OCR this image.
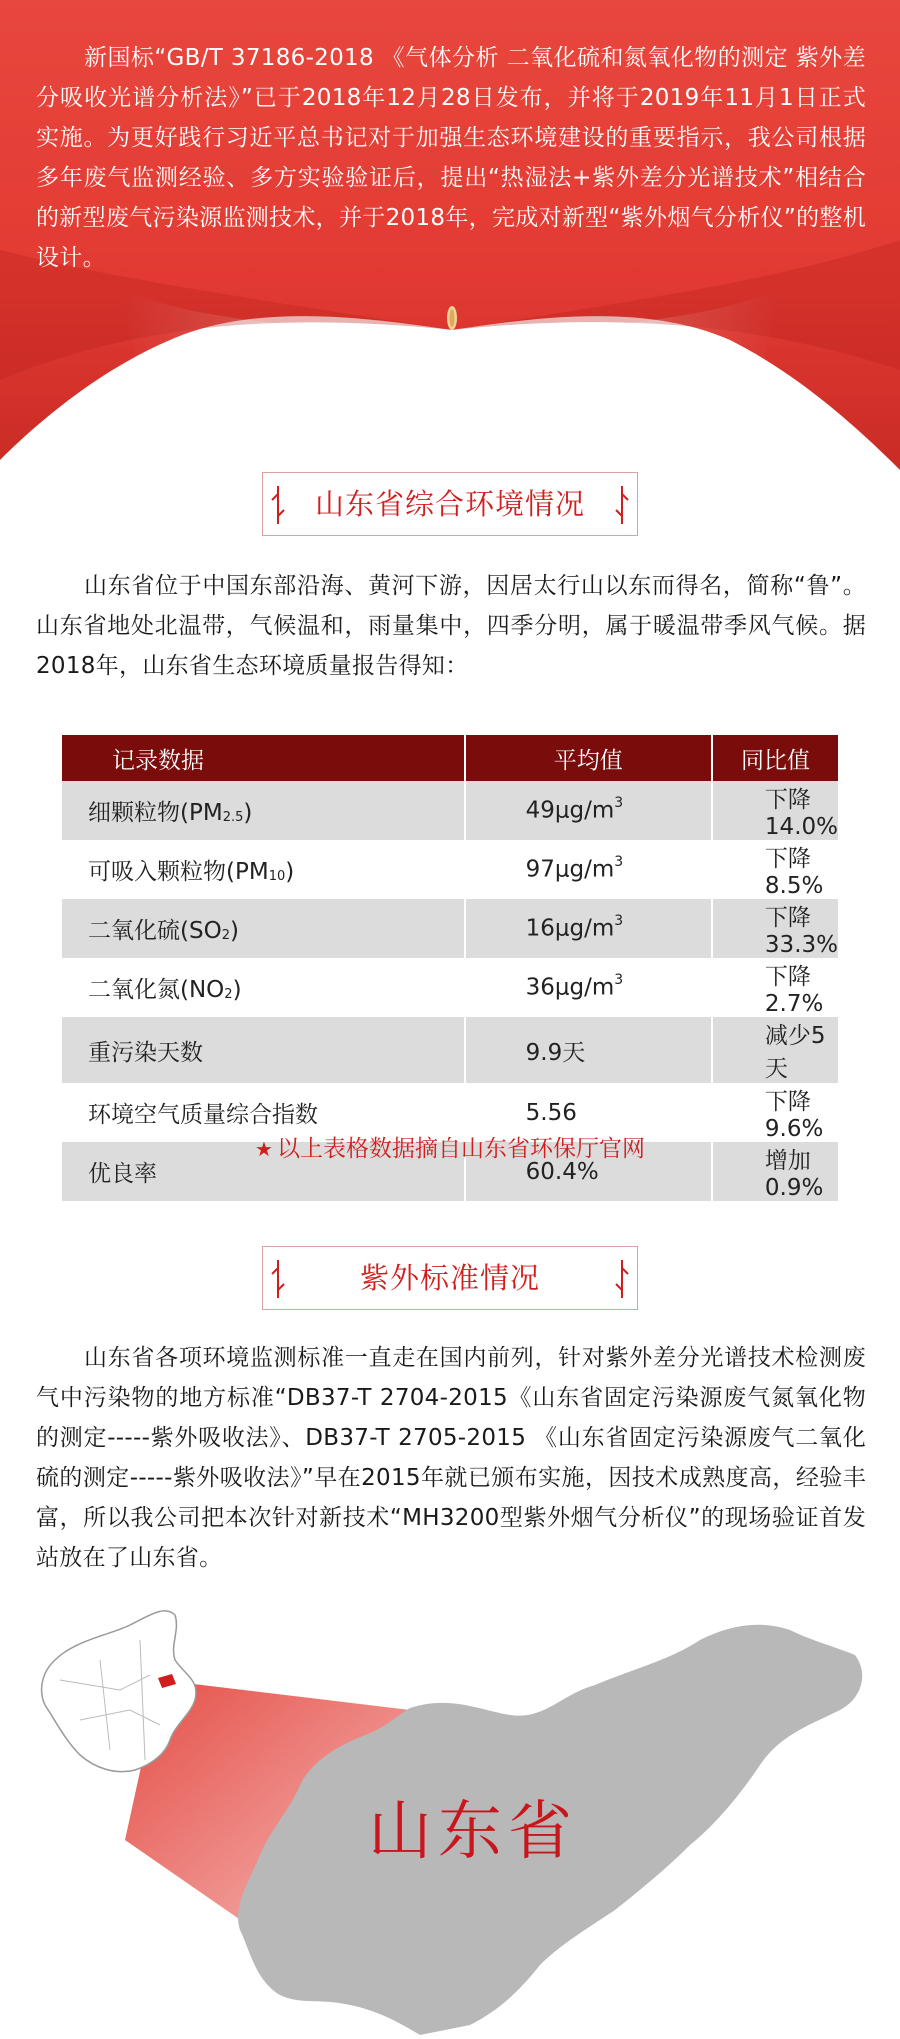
新国标“GB/T 37186-2018 《气体分析 二氧化硫和氮氧化物的测定 紫外差分吸收光谱分析法》”已于2018年12月28日发布，并将于2019年11月1日正式实施。为更好践行习近平总书记对于加强生态环境建设的重要指示，我公司根据多年废气监测经验、多方实验验证后，提出“热湿法+紫外差分光谱技术”相结合的新型废气污染源监测技术，并于2018年，完成对新型“紫外烟气分析仪”的整机设计。
山东省综合环境情况
山东省位于中国东部沿海、黄河下游，因居太行山以东而得名，简称“鲁”。山东省地处北温带，气候温和，雨量集中，四季分明，属于暖温带季风气候。据2018年，山东省生态环境质量报告得知：
记录数据	平均值	同比值
细颗粒物$(PM_{2.5})$	$49\mu g/m^3$	下降14.0%
可吸入颗粒物$(PM_{10})$	$97\mu g/m^3$	下降8.5%
二氧化硫$(SO_2)$	$16\mu g/m^3$	下降33.3%
二氧化氮$(NO_2)$	$36\mu g/m^3$	下降2.7%
重污染天数	9.9天	减少5天
环境空气质量综合指数	5.56	下降9.6%
优良率	60.4%	增加0.9%
★ 以上表格数据摘自山东省环保厅官网
紫外标准情况
山东省各项环境监测标准一直走在国内前列，针对紫外差分光谱技术检测废气中污染物的地方标准“DB37-T 2704-2015《山东省固定污染源废气氮氧化物的测定-----紫外吸收法》、DB37-T 2705-2015 《山东省固定污染源废气二氧化硫的测定-----紫外吸收法》”早在2015年就已颁布实施，因技术成熟度高，经验丰富，所以我公司把本次针对新技术“MH3200型紫外烟气分析仪”的现场验证首发站放在了山东省。
山东省
